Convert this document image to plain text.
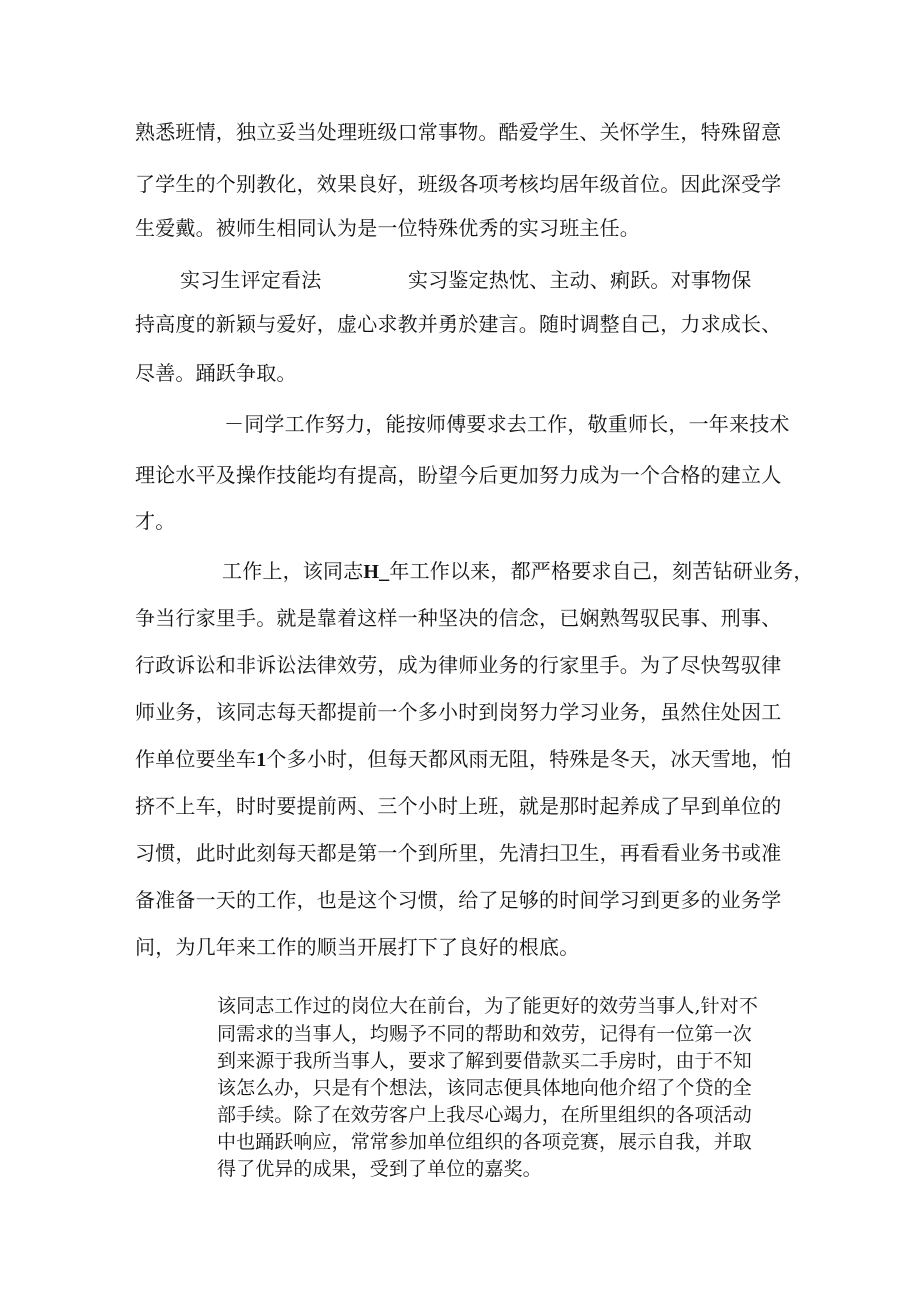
熟悉班情，独立妥当处理班级口常事物。酷爱学生、关怀学生，特殊留意
了学生的个别教化，效果良好，班级各项考核均居年级首位。因此深受学
生爱戴。被师生相同认为是一位特殊优秀的实习班主任。
实习生评定看法	实习鉴定热忱、主动、痢跃。对事物保
持高度的新颖与爱好，虚心求教并勇於建言。随时调整自己，力求成长、
尽善。踊跃争取。
－同学工作努力，能按师傅要求去工作，敬重师长，一年来技术
理论水平及操作技能均有提高，盼望今后更加努力成为一个合格的建立人
才。
工作上，该同志H_年工作以来，都严格要求自己，刻苦钻研业务，
争当行家里手。就是靠着这样一种坚决的信念，已娴熟驾驭民事、刑事、
行政诉讼和非诉讼法律效劳，成为律师业务的行家里手。为了尽快驾驭律
师业务，该同志每天都提前一个多小时到岗努力学习业务，虽然住处因工
作单位要坐车1个多小时，但每天都风雨无阻，特殊是冬天，冰天雪地，怕
挤不上车，时时要提前两、三个小时上班，就是那时起养成了早到单位的
习惯，此时此刻每天都是第一个到所里，先清扫卫生，再看看业务书或准
备准备一天的工作，也是这个习惯，给了足够的时间学习到更多的业务学
问，为几年来工作的顺当开展打下了良好的根底。
该同志工作过的岗位大在前台，为了能更好的效劳当事人,针对不
同需求的当事人，均赐予不同的帮助和效劳，记得有一位第一次
到来源于我所当事人，要求了解到要借款买二手房时，由于不知
该怎么办，只是有个想法，该同志便具体地向他介绍了个贷的全
部手续。除了在效劳客户上我尽心竭力，在所里组织的各项活动
中也踊跃响应，常常参加单位组织的各项竞赛，展示自我，并取
得了优异的成果，受到了单位的嘉奖。
